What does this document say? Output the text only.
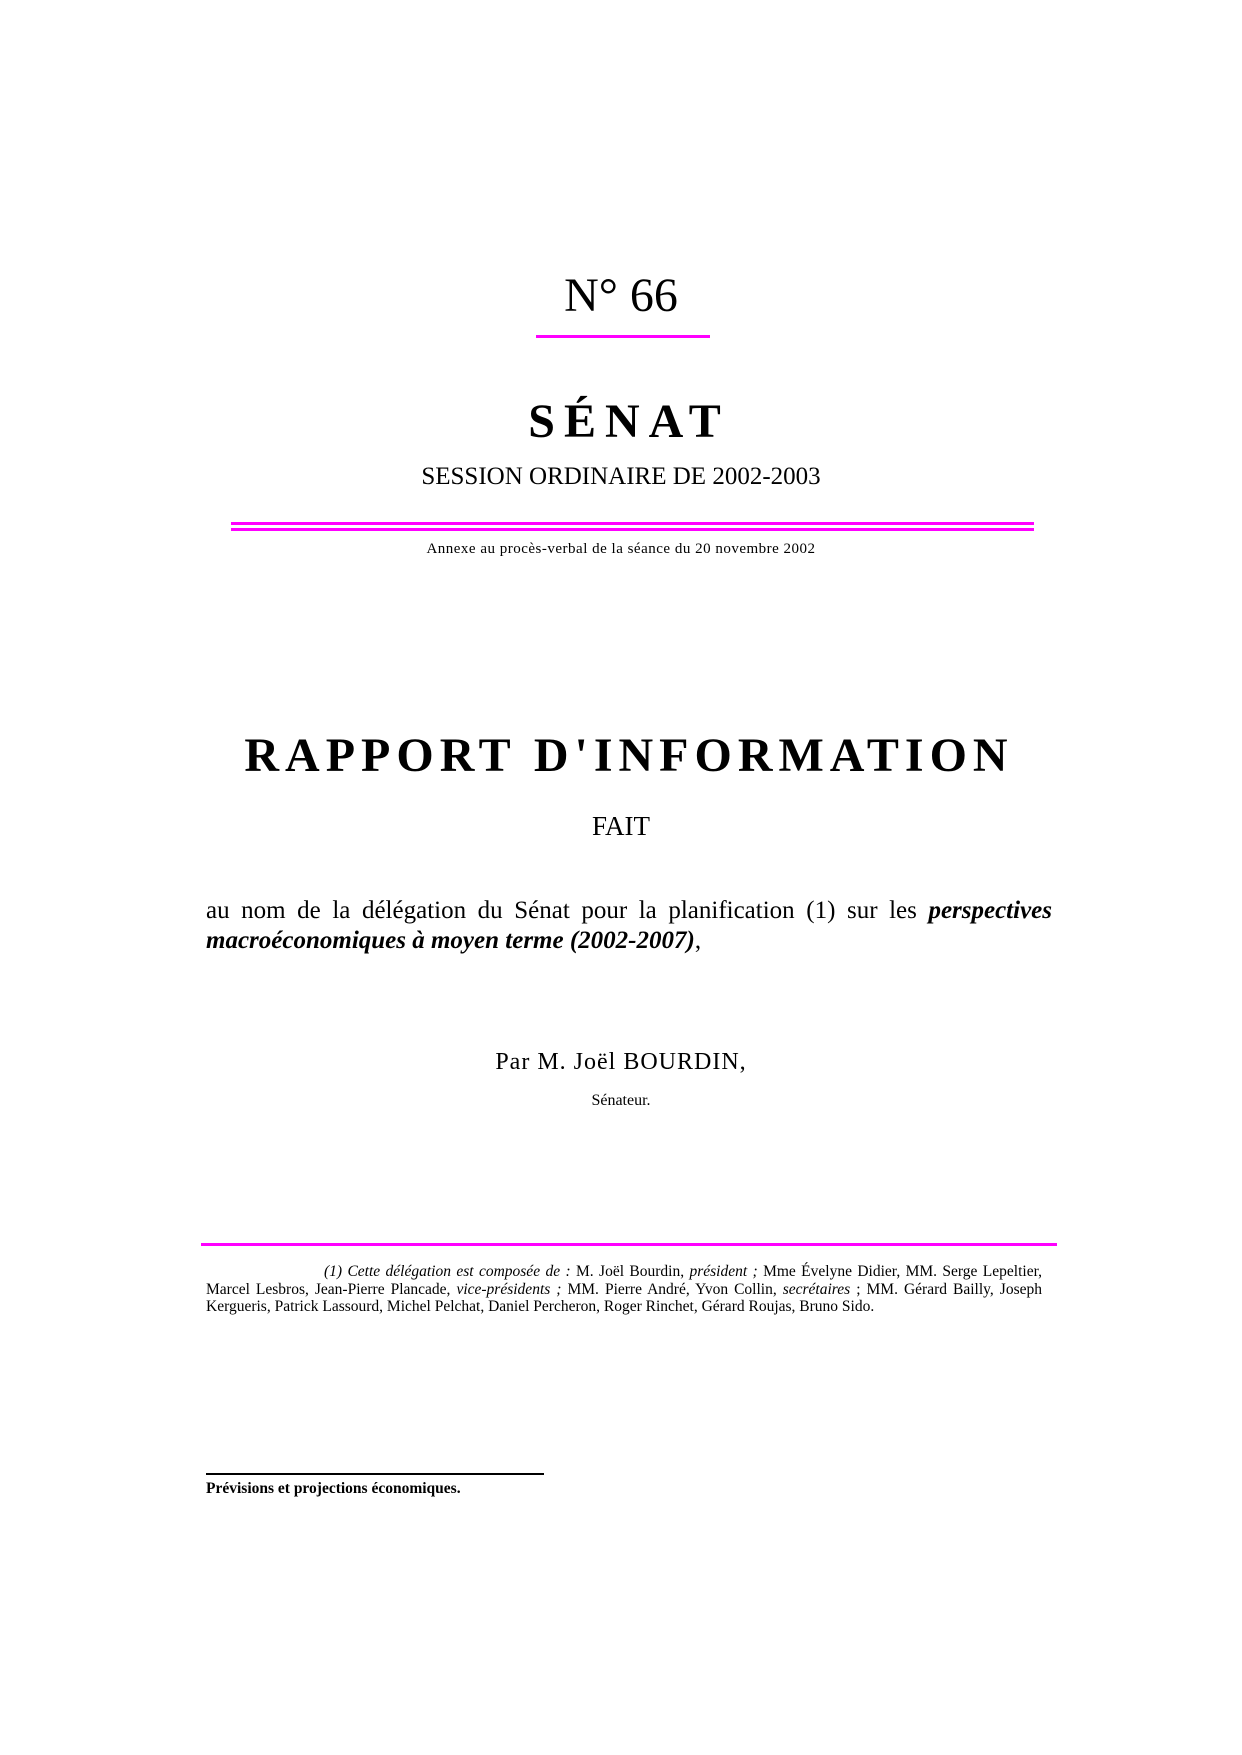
N° 66
SÉNAT
SESSION ORDINAIRE DE 2002-2003
Annexe au procès-verbal de la séance du 20 novembre 2002
RAPPORT D'INFORMATION
FAIT
au nom de la délégation du Sénat pour la planification (1) sur les perspectives macroéconomiques à moyen terme (2002-2007),
Par M. Joël BOURDIN,
Sénateur.
(1) Cette délégation est composée de : M. Joël Bourdin, président ; Mme Évelyne Didier, MM. Serge Lepeltier, Marcel Lesbros, Jean-Pierre Plancade, vice-présidents ; MM. Pierre André, Yvon Collin, secrétaires ; MM. Gérard Bailly, Joseph Kergueris, Patrick Lassourd, Michel Pelchat, Daniel Percheron, Roger Rinchet, Gérard Roujas, Bruno Sido.
Prévisions et projections économiques.
